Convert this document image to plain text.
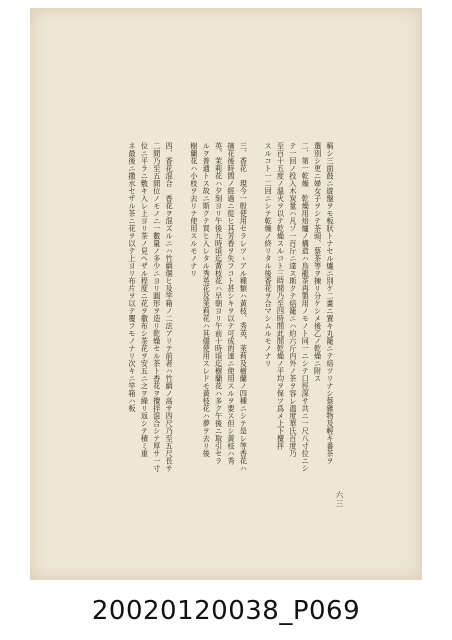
稱シ三面鼓ニ遊盤ヲモ板狀トナセル爐ニ別ケ二畫ニ置キ丸籠ニテ焙ツリナシ蔡雜物及輕キ番茶ヲ
選別シ更ニ婦女子ヲシテ茶頭、蔡茶等ヲ揀リ分ケシメ後乙ノ乾燥ニ附ス
二、第一乾燥　乾燥用焙爐ノ構造ハ烏龍茶再製用ノモノト同一ニシテ口徑深サ共ニ一尺八寸位ニシ
テ一回ノ投入木炭量ハ凡ソ一百斤ニ達ス斯クテ焙籠ニハ約六斤内外ノ茶ヲ容レ溫度華氏百度乃
至百十五度ノ溫火ヲ以テ乾燥スルコト三時間乃至四時間此間乾燥ノ平均ヲ保ツ爲メ上下攪拌
スルコト一二回ニシテ乾燥ノ終リタル後香花ヲ合マシムルモノナリ
三、香花　現今一般使用セラレツゝアル種類ハ黃枝、秀英、茉莉及樹蘭ノ四種ニシテ是レ等香花ハ
摘花後時間ノ經過ニ從ヒ其芳香ヲ失フコト甚シキヲ以テ可成的速ニ使用スルヲ要ス但シ黃枝ハ秀
英、茉莉花ハ夕刻ヨリ午後九時頃迄黃枝花ハ早朝ヨリ午前十時頃迄樹蘭花ハ多ク午後ニ取引セラ
ルヲ普通トス故ニ斯クテ買ヒ入レタル秀英花及茉莉花ハ其儘使用スレドモ黃枝花ハ夢ヲ去リ後
樹蘭花ハ小枝ヲ去リテ使用スルモノナリ
四、香花混合　香花ヲ混ズルニハ竹網個ヒ及竿箱ノ二法アリテ前者ハ竹網ノ高サ四尺乃至五尺長サ
二間乃至五間位ノモノニ一數量ノ多少ニヨリ圓形ヲ造リ乾燥セル茶ト香花ヲ攪拌混合シテ厚サ一寸
位ニ平ラニ敷キ入レ上ヨリ茶ノ見ヘザル程度ニ花ヲ撒布シ茶花ヲ安五ニ之ヲ繰リ返シテ積ミ重
ネ最後ニ撒水セザル茶ニ花ヲ以テ上ヨリ布片ヲ以テ覆フモノナリ次キニ竿箱ハ板
六三
20020120038_P069
